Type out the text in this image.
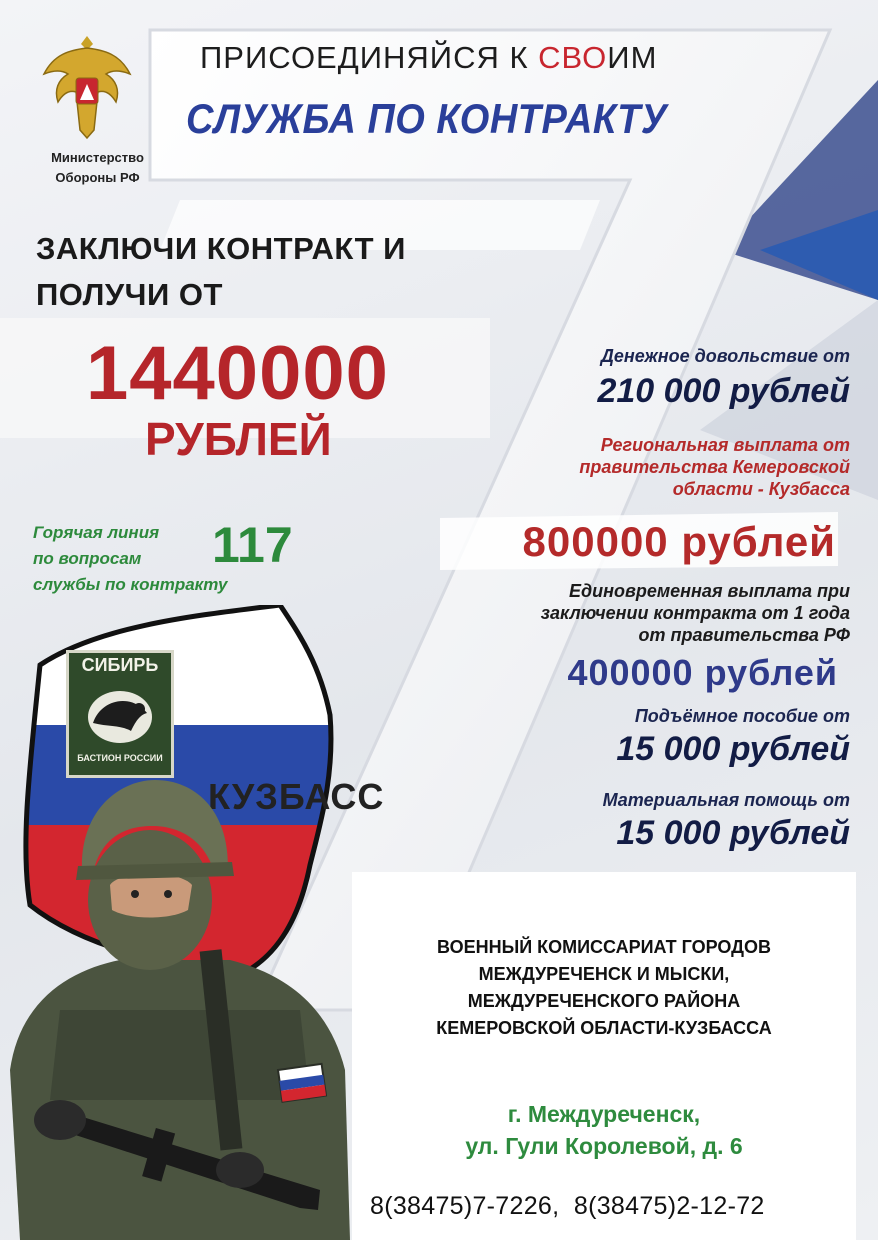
Министерство
Обороны РФ
ПРИСОЕДИНЯЙСЯ К СВОИМ
СЛУЖБА ПО КОНТРАКТУ
ЗАКЛЮЧИ КОНТРАКТ И
ПОЛУЧИ ОТ
1440000
РУБЛЕЙ
Горячая линия
по вопросам
службы по контракту
117
Денежное довольствие от
210 000 рублей
Региональная выплата от
правительства Кемеровской
области - Кузбасса
800000 рублей
Единовременная выплата при
заключении контракта от 1 года
от правительства РФ
400000 рублей
Подъёмное пособие от
15 000 рублей
Материальная помощь от
15 000 рублей
СИБИРЬ
БАСТИОН РОССИИ
КУЗБАСС
ВОЕННЫЙ КОМИССАРИАТ ГОРОДОВ
МЕЖДУРЕЧЕНСК И МЫСКИ,
МЕЖДУРЕЧЕНСКОГО РАЙОНА
КЕМЕРОВСКОЙ ОБЛАСТИ-КУЗБАССА
г. Междуреченск,
ул. Гули Королевой, д. 6
8(38475)7-7226, 8(38475)2-12-72
